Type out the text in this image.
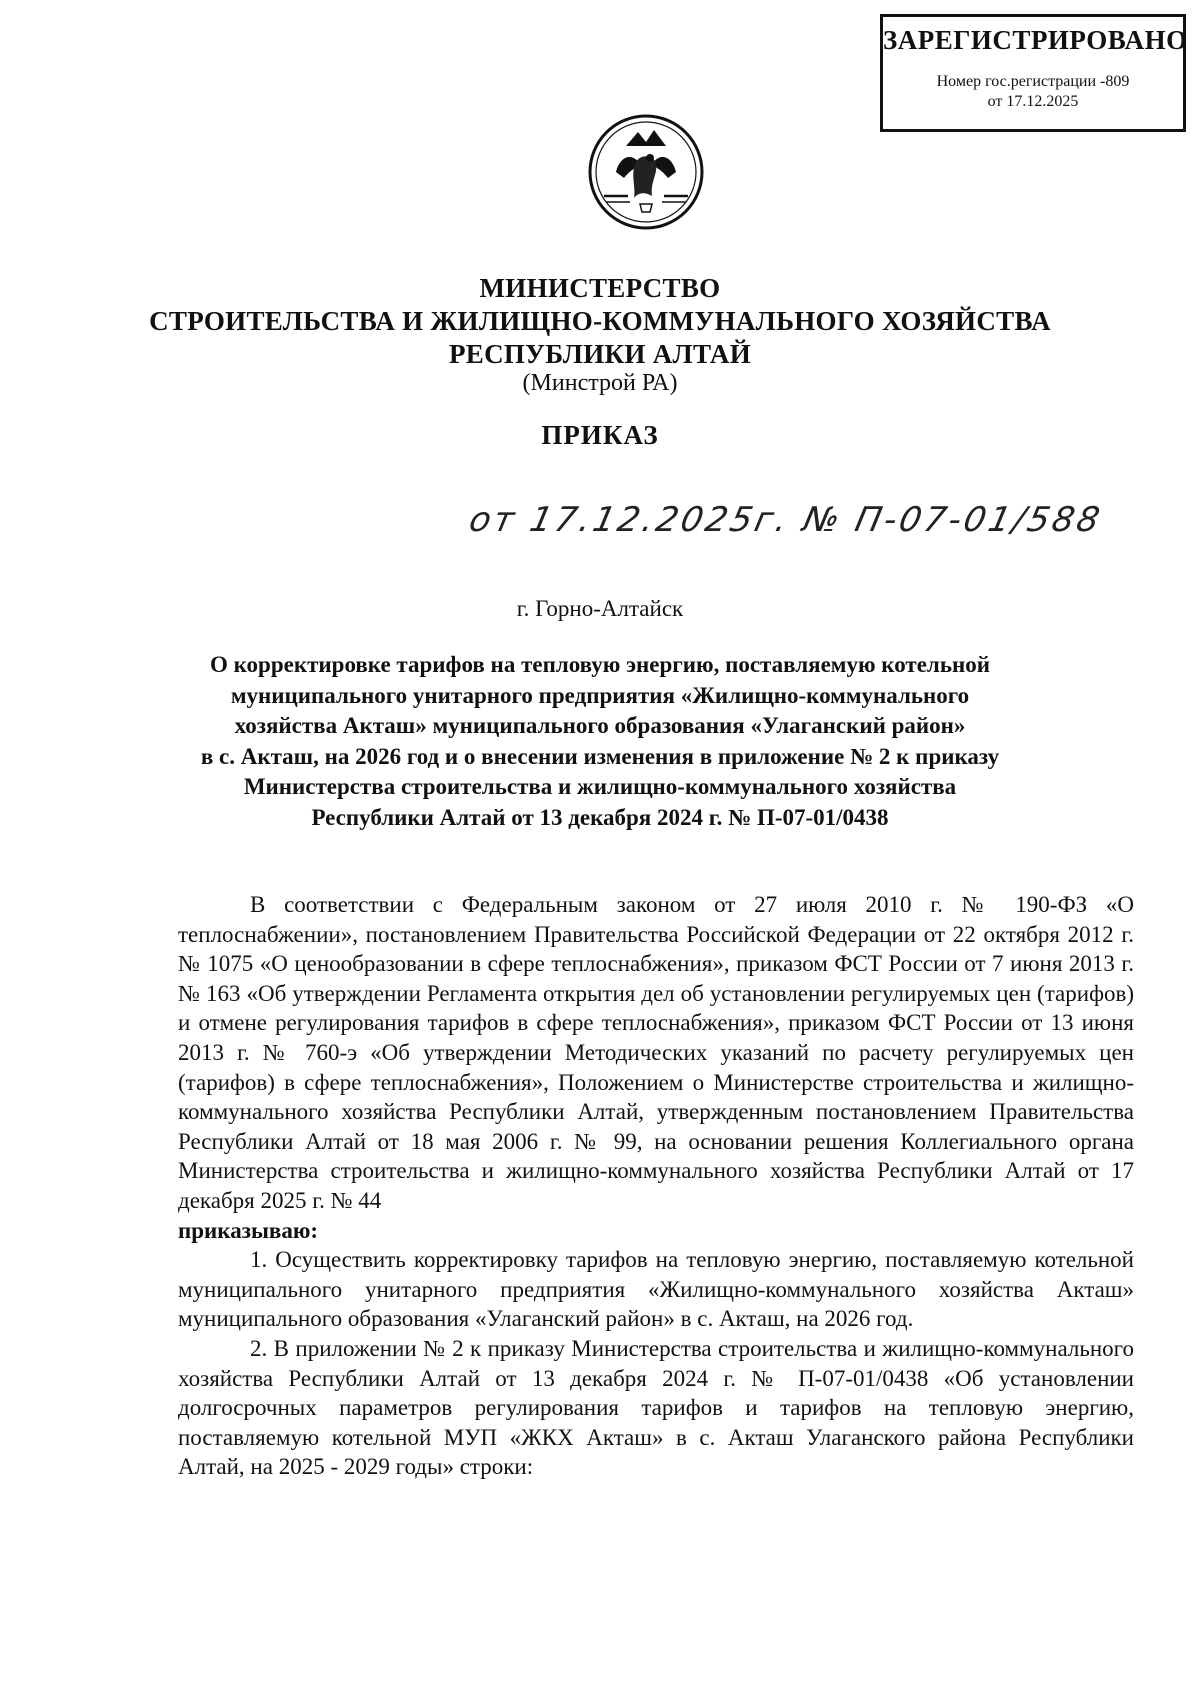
ЗАРЕГИСТРИРОВАНО
Номер гос.регистрации -809
от 17.12.2025
МИНИСТЕРСТВО
СТРОИТЕЛЬСТВА И ЖИЛИЩНО-КОММУНАЛЬНОГО ХОЗЯЙСТВА
РЕСПУБЛИКИ АЛТАЙ
(Минстрой РА)
ПРИКАЗ
от 17.12.2025г. № П-07-01/588
г. Горно-Алтайск
О корректировке тарифов на тепловую энергию, поставляемую котельной
муниципального унитарного предприятия «Жилищно-коммунального
хозяйства Акташ» муниципального образования «Улаганский район»
в с. Акташ, на 2026 год и о внесении изменения в приложение № 2 к приказу
Министерства строительства и жилищно-коммунального хозяйства
Республики Алтай от 13 декабря 2024 г. № П-07-01/0438

В соответствии с Федеральным законом от 27 июля 2010 г. № 190-ФЗ «О теплоснабжении», постановлением Правительства Российской Федерации от 22 октября 2012 г. № 1075 «О ценообразовании в сфере теплоснабжения», приказом ФСТ России от 7 июня 2013 г. № 163 «Об утверждении Регламента открытия дел об установлении регулируемых цен (тарифов) и отмене регулирования тарифов в сфере теплоснабжения», приказом ФСТ России от 13 июня 2013 г. № 760-э «Об утверждении Методических указаний по расчету регулируемых цен (тарифов) в сфере теплоснабжения», Положением о Министерстве строительства и жилищно-коммунального хозяйства Республики Алтай, утвержденным постановлением Правительства Республики Алтай от 18 мая 2006 г. № 99, на основании решения Коллегиального органа Министерства строительства и жилищно-коммунального хозяйства Республики Алтай от 17 декабря 2025 г. № 44

приказываю:

1. Осуществить корректировку тарифов на тепловую энергию, поставляемую котельной муниципального унитарного предприятия «Жилищно-коммунального хозяйства Акташ» муниципального образования «Улаганский район» в с. Акташ, на 2026 год.

2. В приложении № 2 к приказу Министерства строительства и жилищно-коммунального хозяйства Республики Алтай от 13 декабря 2024 г. № П-07-01/0438 «Об установлении долгосрочных параметров регулирования тарифов и тарифов на тепловую энергию, поставляемую котельной МУП «ЖКХ Акташ» в с. Акташ Улаганского района Республики Алтай, на 2025 - 2029 годы» строки:
